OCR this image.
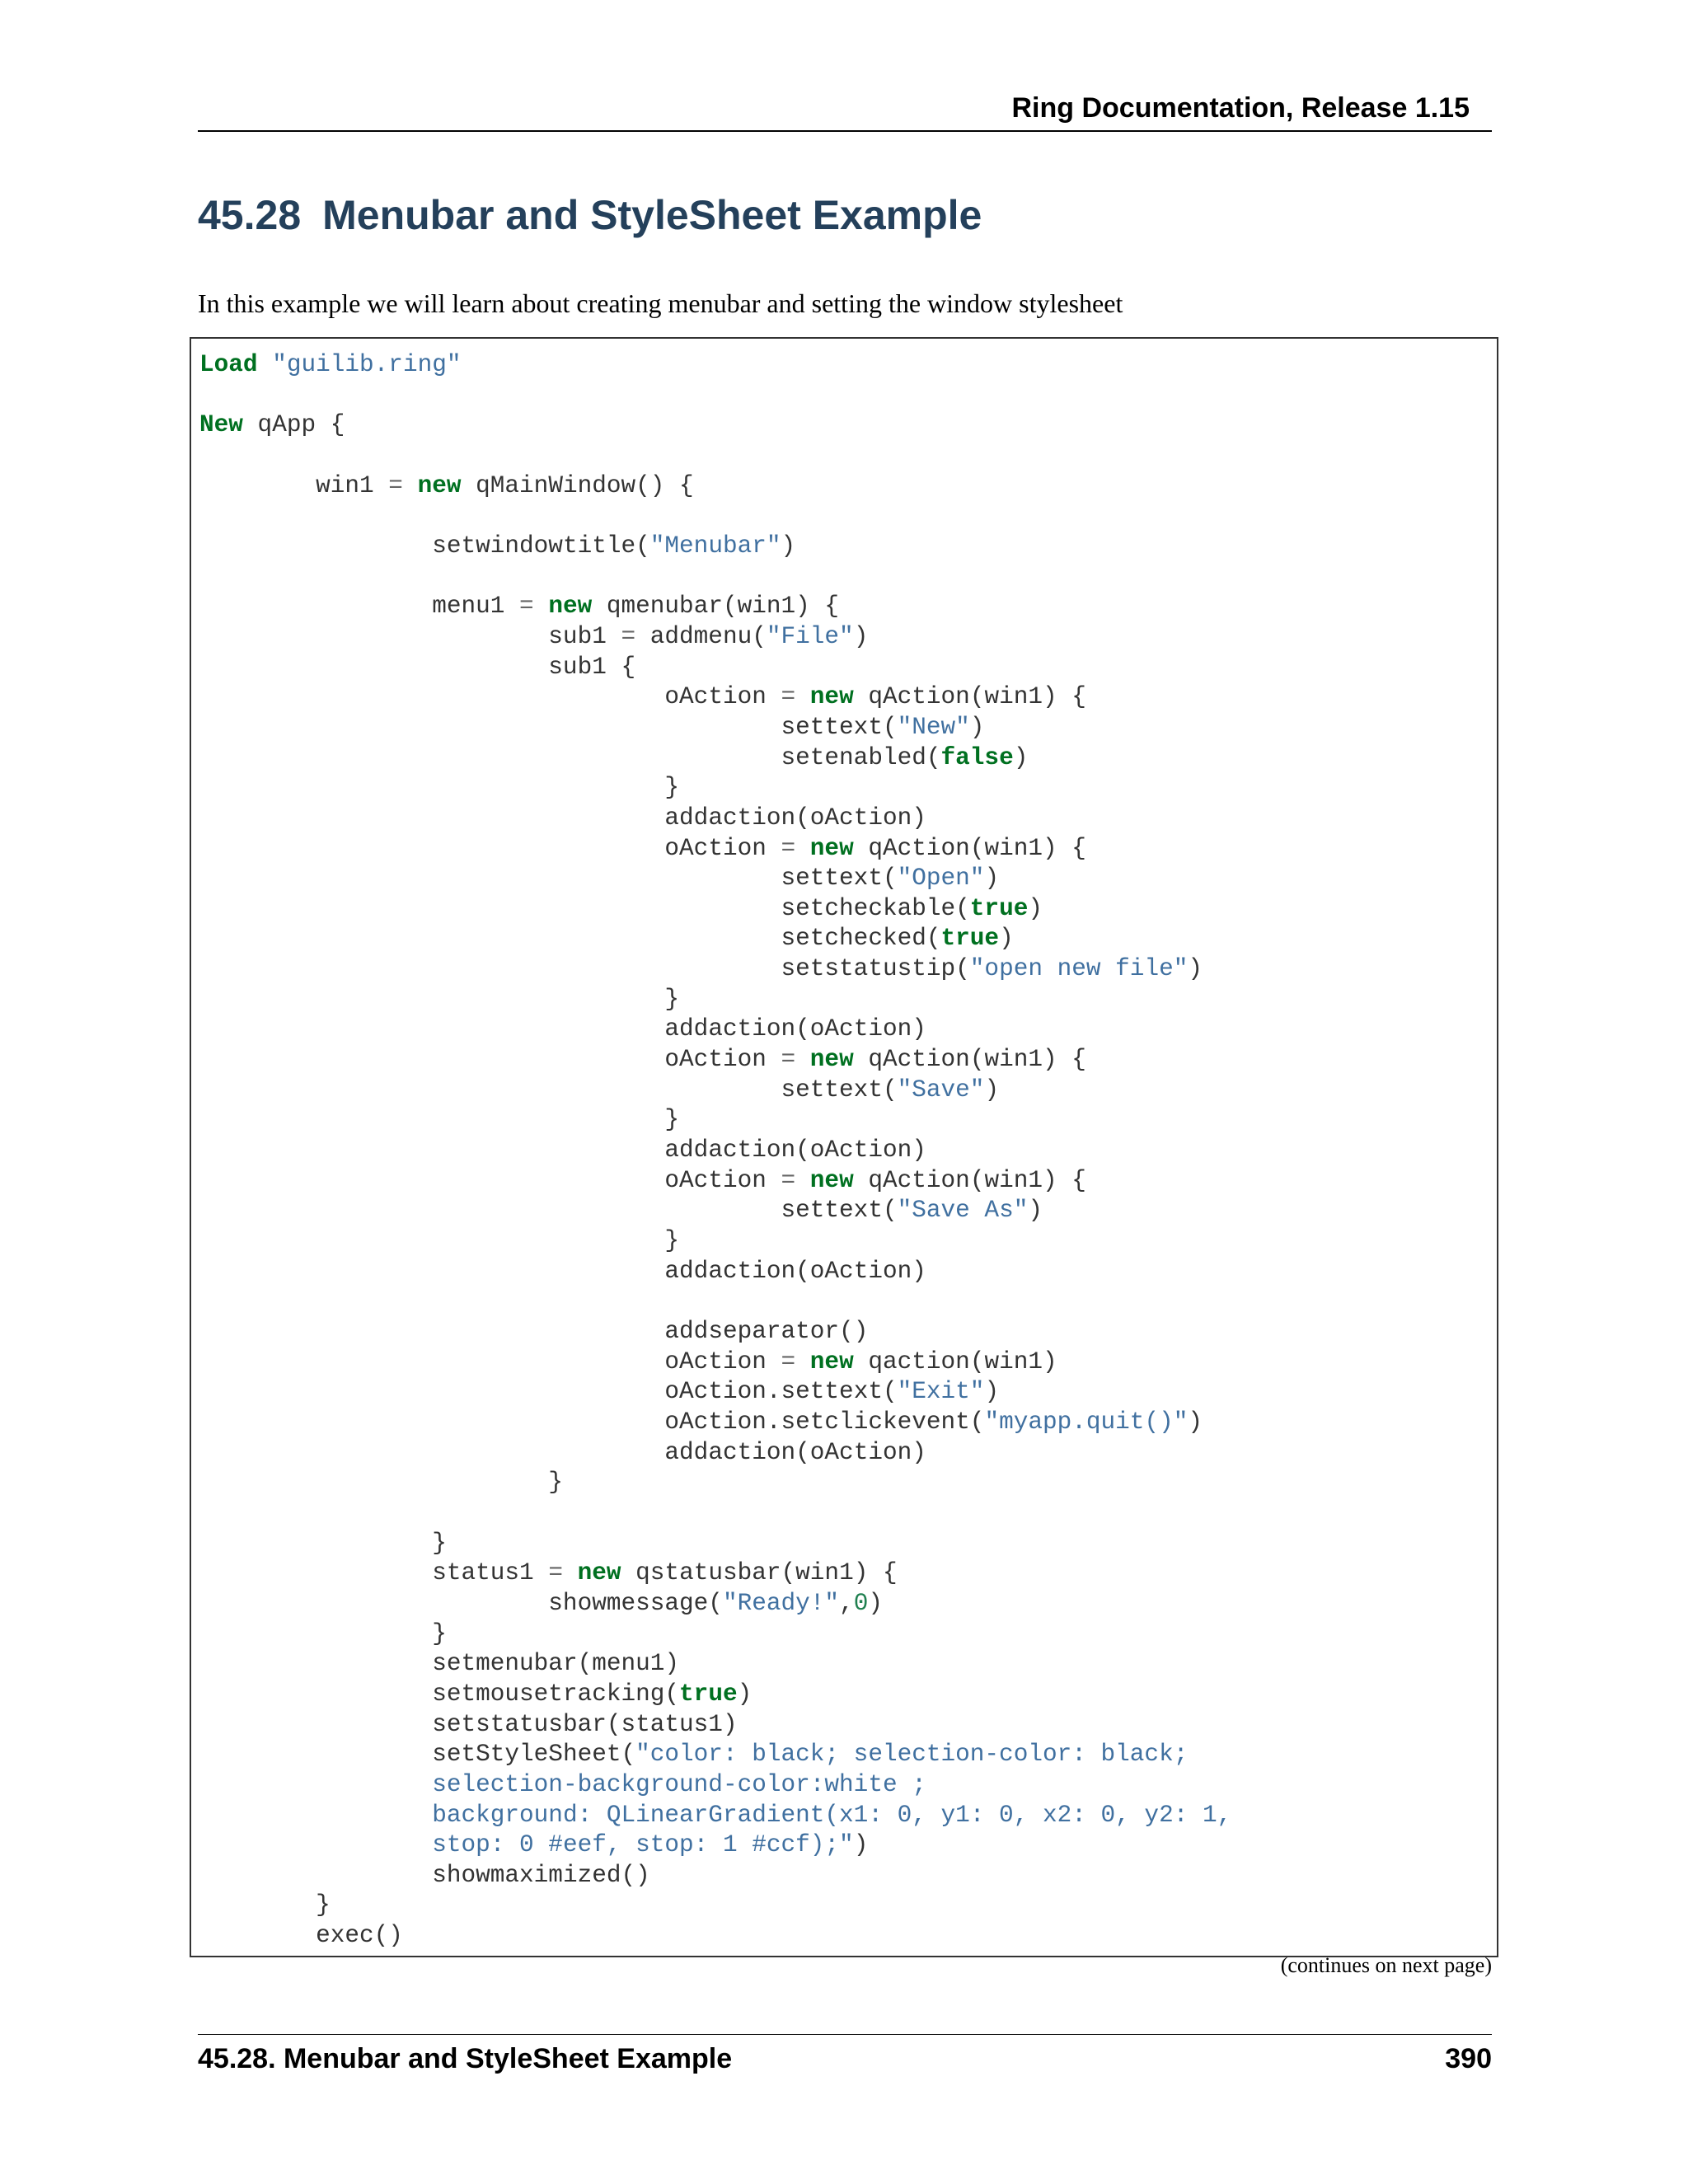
Ring Documentation, Release 1.15
45.28 Menubar and StyleSheet Example

In this example we will learn about creating menubar and setting the window stylesheet

Load "guilib.ring"

New qApp {

	win1 = new qMainWindow() {

		setwindowtitle("Menubar")

		menu1 = new qmenubar(win1) {
			sub1 = addmenu("File")
			sub1 {
				oAction = new qAction(win1) {
					settext("New")
					setenabled(false)
				}
				addaction(oAction)
				oAction = new qAction(win1) {
					settext("Open")
					setcheckable(true)
					setchecked(true)
					setstatustip("open new file")
				}
				addaction(oAction)
				oAction = new qAction(win1) {
					settext("Save")
				}
				addaction(oAction)
				oAction = new qAction(win1) {
					settext("Save As")
				}
				addaction(oAction)

				addseparator()
				oAction = new qaction(win1)
				oAction.settext("Exit")
				oAction.setclickevent("myapp.quit()")
				addaction(oAction)
			}

		}
		status1 = new qstatusbar(win1) {
			showmessage("Ready!",0)
		}
		setmenubar(menu1)
		setmousetracking(true)
		setstatusbar(status1)
		setStyleSheet("color: black; selection-color: black;
		selection-background-color:white ;
		background: QLinearGradient(x1: 0, y1: 0, x2: 0, y2: 1,
		stop: 0 #eef, stop: 1 #ccf);")
		showmaximized()
	}
	exec()
(continues on next page)
45.28. Menubar and StyleSheet Example	390
